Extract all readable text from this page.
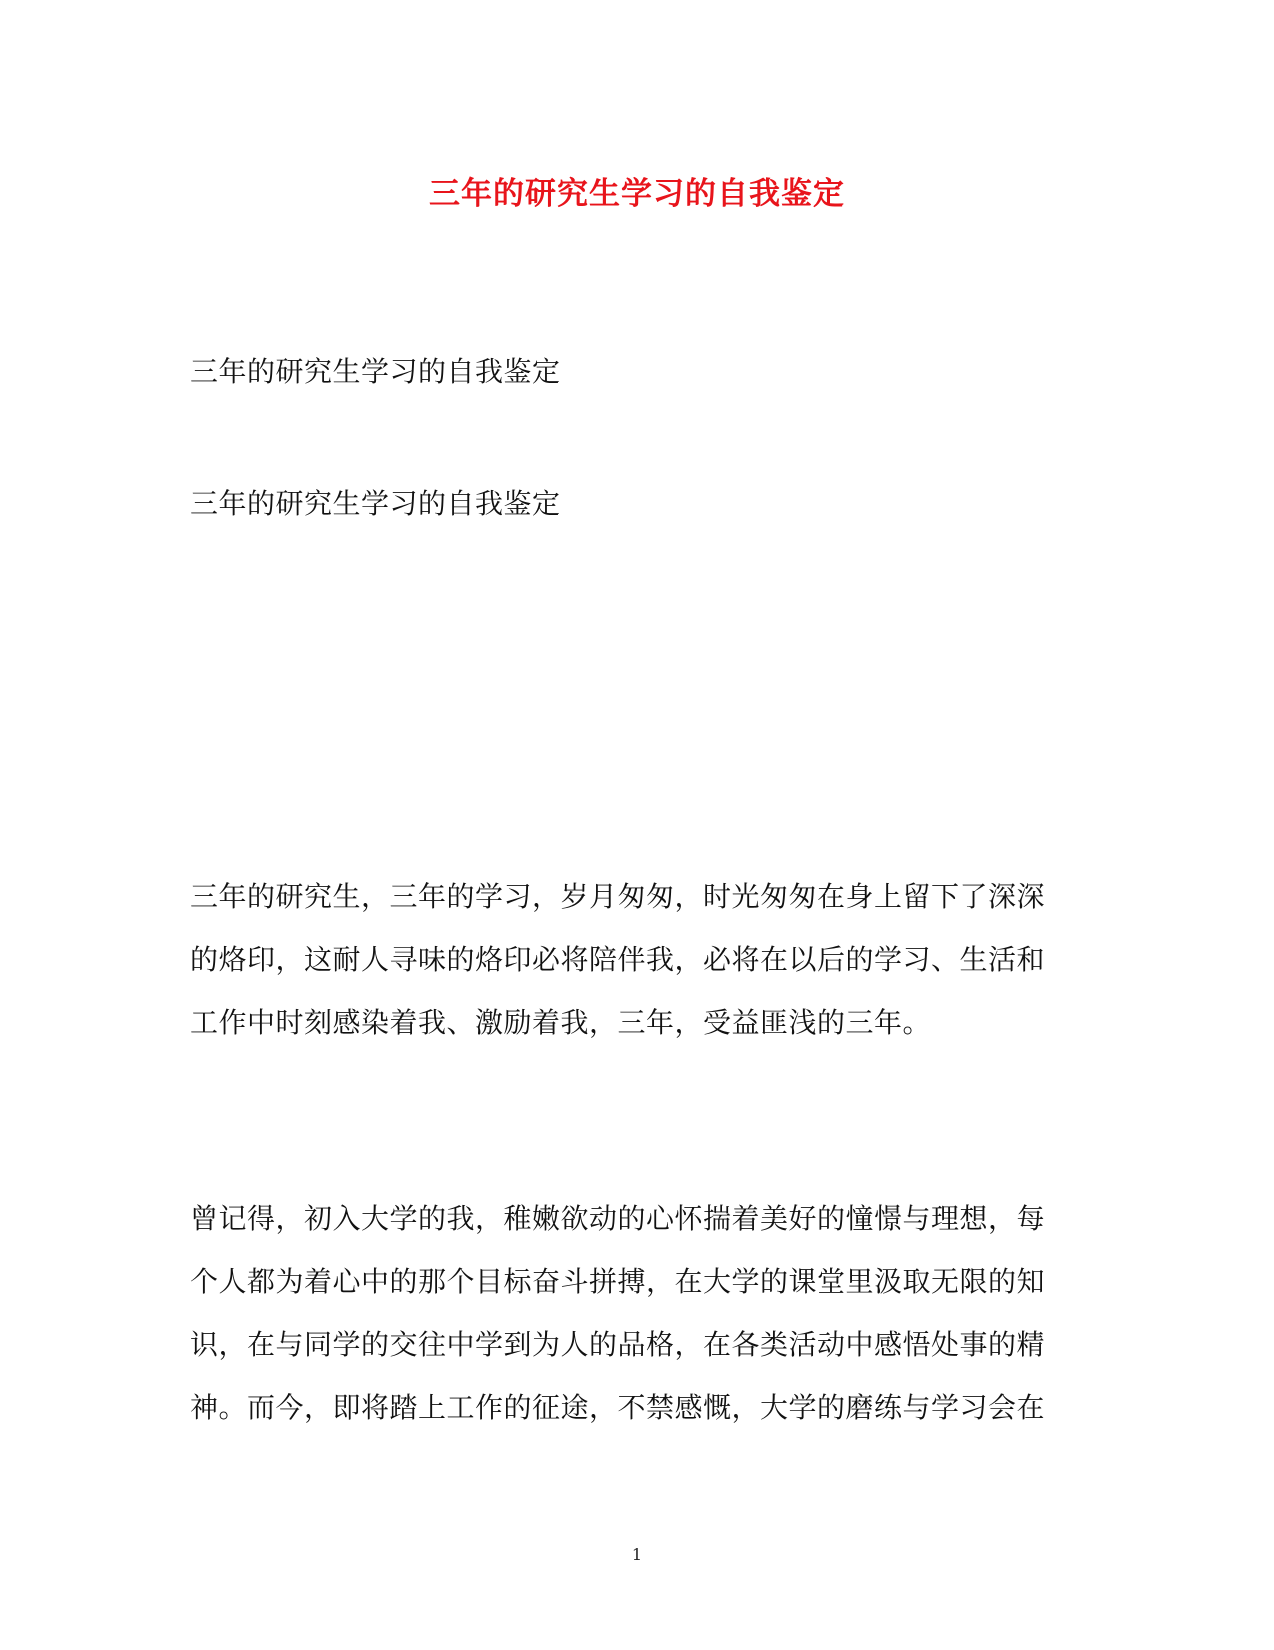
三年的研究生学习的自我鉴定
三年的研究生学习的自我鉴定
三年的研究生学习的自我鉴定
三年的研究生，三年的学习，岁月匆匆，时光匆匆在身上留下了深深
的烙印，这耐人寻味的烙印必将陪伴我，必将在以后的学习、生活和
工作中时刻感染着我、激励着我，三年，受益匪浅的三年。
曾记得，初入大学的我，稚嫩欲动的心怀揣着美好的憧憬与理想，每
个人都为着心中的那个目标奋斗拼搏，在大学的课堂里汲取无限的知
识，在与同学的交往中学到为人的品格，在各类活动中感悟处事的精
神。而今，即将踏上工作的征途，不禁感慨，大学的磨练与学习会在
1
